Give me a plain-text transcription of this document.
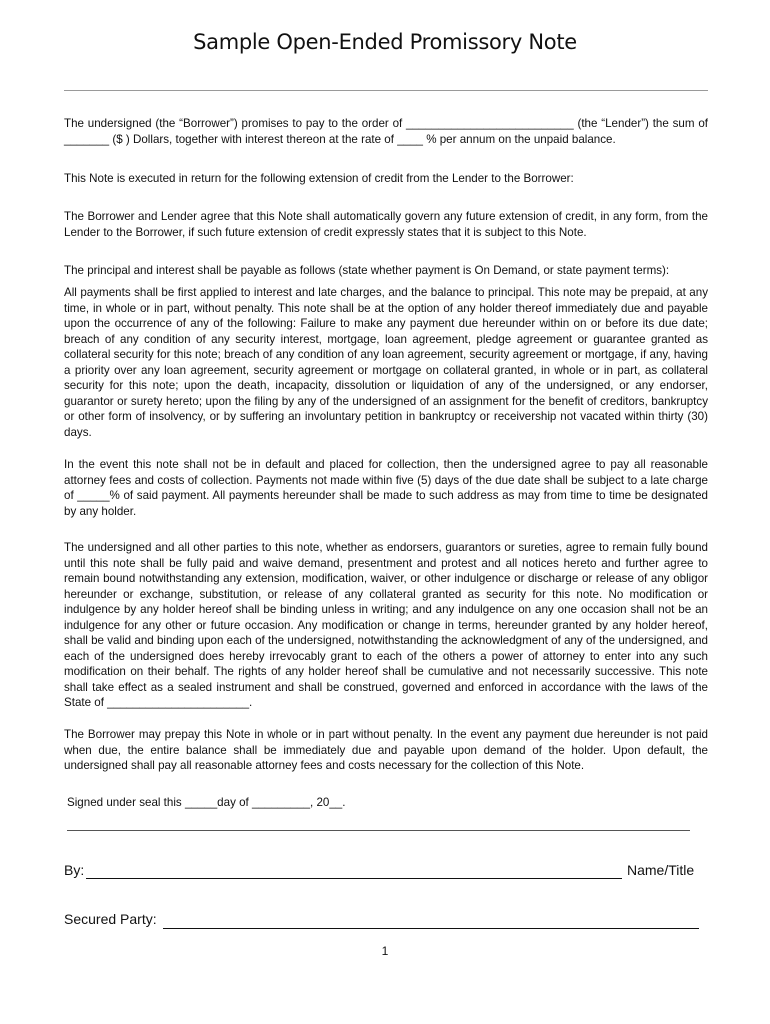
Sample Open-Ended Promissory Note

The undersigned (the “Borrower”) promises to pay to the order of __________________________ (the “Lender”) the sum of _______ ($ ) Dollars, together with interest thereon at the rate of ____ % per annum on the unpaid balance.

This Note is executed in return for the following extension of credit from the Lender to the Borrower:

The Borrower and Lender agree that this Note shall automatically govern any future extension of credit, in any form, from the Lender to the Borrower, if such future extension of credit expressly states that it is subject to this Note.

The principal and interest shall be payable as follows (state whether payment is On Demand, or state payment terms):

All payments shall be first applied to interest and late charges, and the balance to principal. This note may be prepaid, at any time, in whole or in part, without penalty. This note shall be at the option of any holder thereof immediately due and payable upon the occurrence of any of the following: Failure to make any payment due hereunder within on or before its due date; breach of any condition of any security interest, mortgage, loan agreement, pledge agreement or guarantee granted as collateral security for this note; breach of any condition of any loan agreement, security agreement or mortgage, if any, having a priority over any loan agreement, security agreement or mortgage on collateral granted, in whole or in part, as collateral security for this note; upon the death, incapacity, dissolution or liquidation of any of the undersigned, or any endorser, guarantor or surety hereto; upon the filing by any of the undersigned of an assignment for the benefit of creditors, bankruptcy or other form of insolvency, or by suffering an involuntary petition in bankruptcy or receivership not vacated within thirty (30) days.

In the event this note shall not be in default and placed for collection, then the undersigned agree to pay all reasonable attorney fees and costs of collection. Payments not made within five (5) days of the due date shall be subject to a late charge of _____% of said payment. All payments hereunder shall be made to such address as may from time to time be designated by any holder.

The undersigned and all other parties to this note, whether as endorsers, guarantors or sureties, agree to remain fully bound until this note shall be fully paid and waive demand, presentment and protest and all notices hereto and further agree to remain bound notwithstanding any extension, modification, waiver, or other indulgence or discharge or release of any obligor hereunder or exchange, substitution, or release of any collateral granted as security for this note. No modification or indulgence by any holder hereof shall be binding unless in writing; and any indulgence on any one occasion shall not be an indulgence for any other or future occasion. Any modification or change in terms, hereunder granted by any holder hereof, shall be valid and binding upon each of the undersigned, notwithstanding the acknowledgment of any of the undersigned, and each of the undersigned does hereby irrevocably grant to each of the others a power of attorney to enter into any such modification on their behalf. The rights of any holder hereof shall be cumulative and not necessarily successive. This note shall take effect as a sealed instrument and shall be construed, governed and enforced in accordance with the laws of the State of ______________________.

The Borrower may prepay this Note in whole or in part without penalty. In the event any payment due hereunder is not paid when due, the entire balance shall be immediately due and payable upon demand of the holder. Upon default, the undersigned shall pay all reasonable attorney fees and costs necessary for the collection of this Note.

Signed under seal this _____day of _________, 20__.

By:	Name/Title

Secured Party:

1
